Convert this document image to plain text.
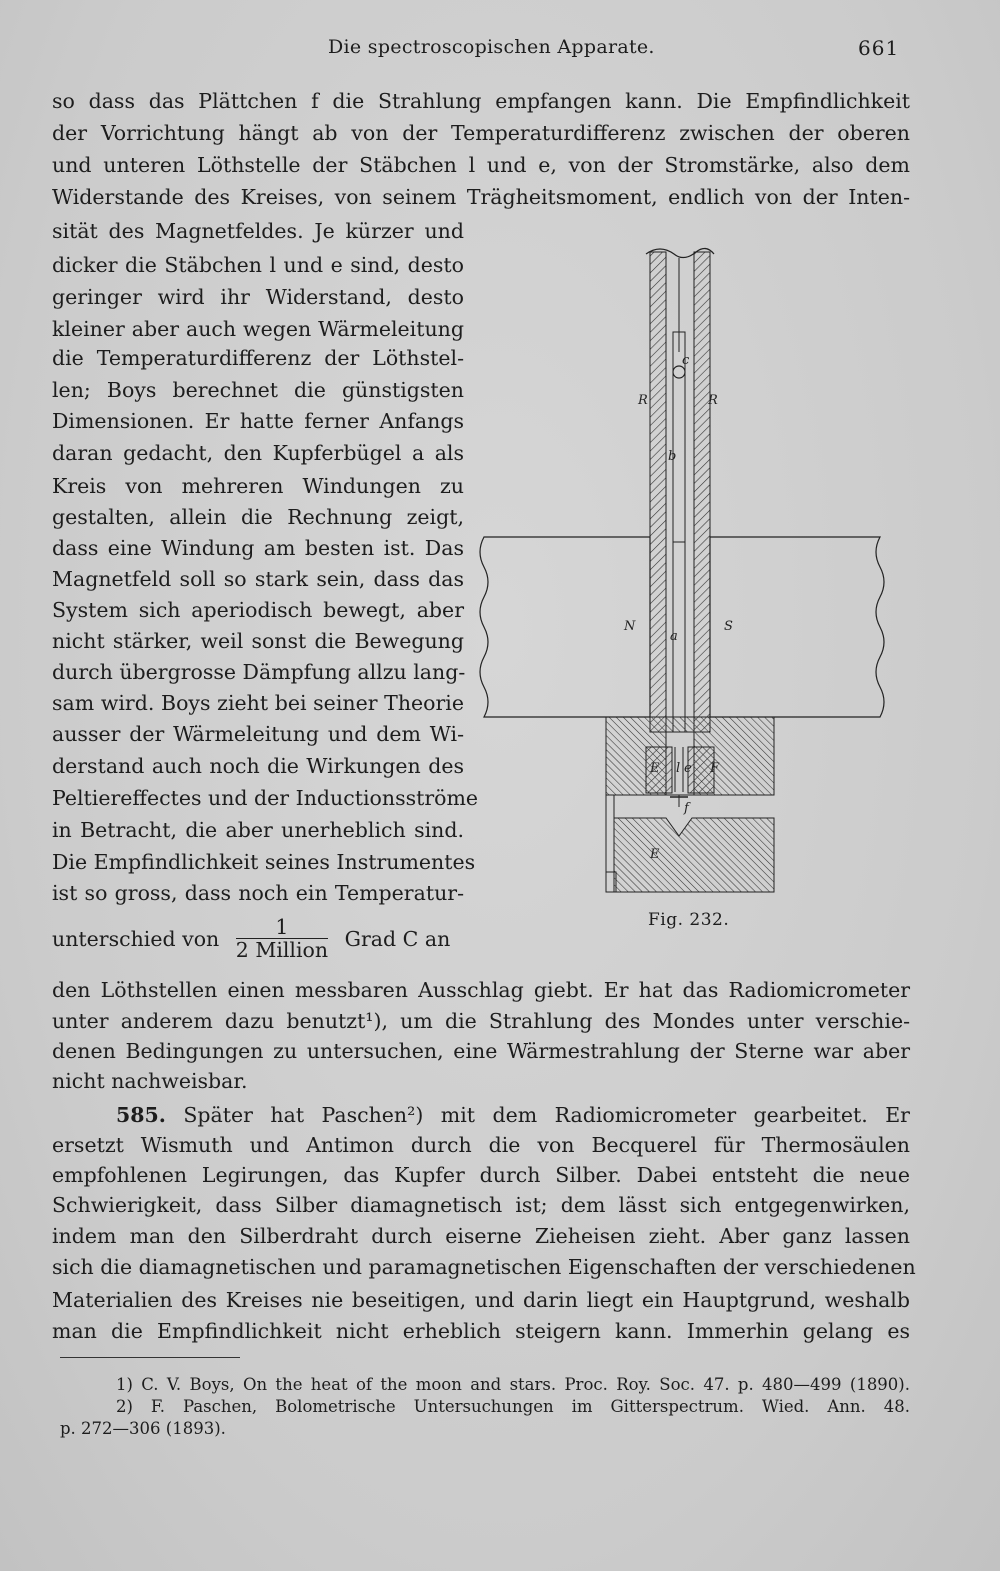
Die spectroscopischen Apparate.	661
so dass das Plättchen f die Strahlung empfangen kann. Die Empfindlichkeit
der Vorrichtung hängt ab von der Temperaturdifferenz zwischen der oberen
und unteren Löthstelle der Stäbchen l und e, von der Stromstärke, also dem
Widerstande des Kreises, von seinem Trägheitsmoment, endlich von der Inten-
sität des Magnetfeldes. Je kürzer und
dicker die Stäbchen l und e sind, desto
geringer wird ihr Widerstand, desto
kleiner aber auch wegen Wärmeleitung
die Temperaturdifferenz der Löthstel-
len; Boys berechnet die günstigsten
Dimensionen. Er hatte ferner Anfangs
daran gedacht, den Kupferbügel a als
Kreis von mehreren Windungen zu
gestalten, allein die Rechnung zeigt,
dass eine Windung am besten ist. Das
Magnetfeld soll so stark sein, dass das
System sich aperiodisch bewegt, aber
nicht stärker, weil sonst die Bewegung
durch übergrosse Dämpfung allzu lang-
sam wird. Boys zieht bei seiner Theorie
ausser der Wärmeleitung und dem Wi-
derstand auch noch die Wirkungen des
Peltiereffectes und der Inductionsströme
in Betracht, die aber unerheblich sind.
Die Empfindlichkeit seines Instrumentes
ist so gross, dass noch ein Temperatur-
unterschied von $\frac{1}{\text{2 Million}}$ Grad C an
den Löthstellen einen messbaren Ausschlag giebt. Er hat das Radiomicrometer
unter anderem dazu benutzt¹), um die Strahlung des Mondes unter verschie-
denen Bedingungen zu untersuchen, eine Wärmestrahlung der Sterne war aber
nicht nachweisbar.
585. Später hat Paschen²) mit dem Radiomicrometer gearbeitet. Er
ersetzt Wismuth und Antimon durch die von Becquerel für Thermosäulen
empfohlenen Legirungen, das Kupfer durch Silber. Dabei entsteht die neue
Schwierigkeit, dass Silber diamagnetisch ist; dem lässt sich entgegenwirken,
indem man den Silberdraht durch eiserne Zieheisen zieht. Aber ganz lassen
sich die diamagnetischen und paramagnetischen Eigenschaften der verschiedenen
Materialien des Kreises nie beseitigen, und darin liegt ein Hauptgrund, weshalb
man die Empfindlichkeit nicht erheblich steigern kann. Immerhin gelang es
1) C. V. Boys, On the heat of the moon and stars. Proc. Roy. Soc. 47. p. 480—499 (1890).
2) F. Paschen, Bolometrische Untersuchungen im Gitterspectrum. Wied. Ann. 48.
p. 272—306 (1893).
c
R	R
b
N
a
S
E l e F
f
E
Fig. 232.
